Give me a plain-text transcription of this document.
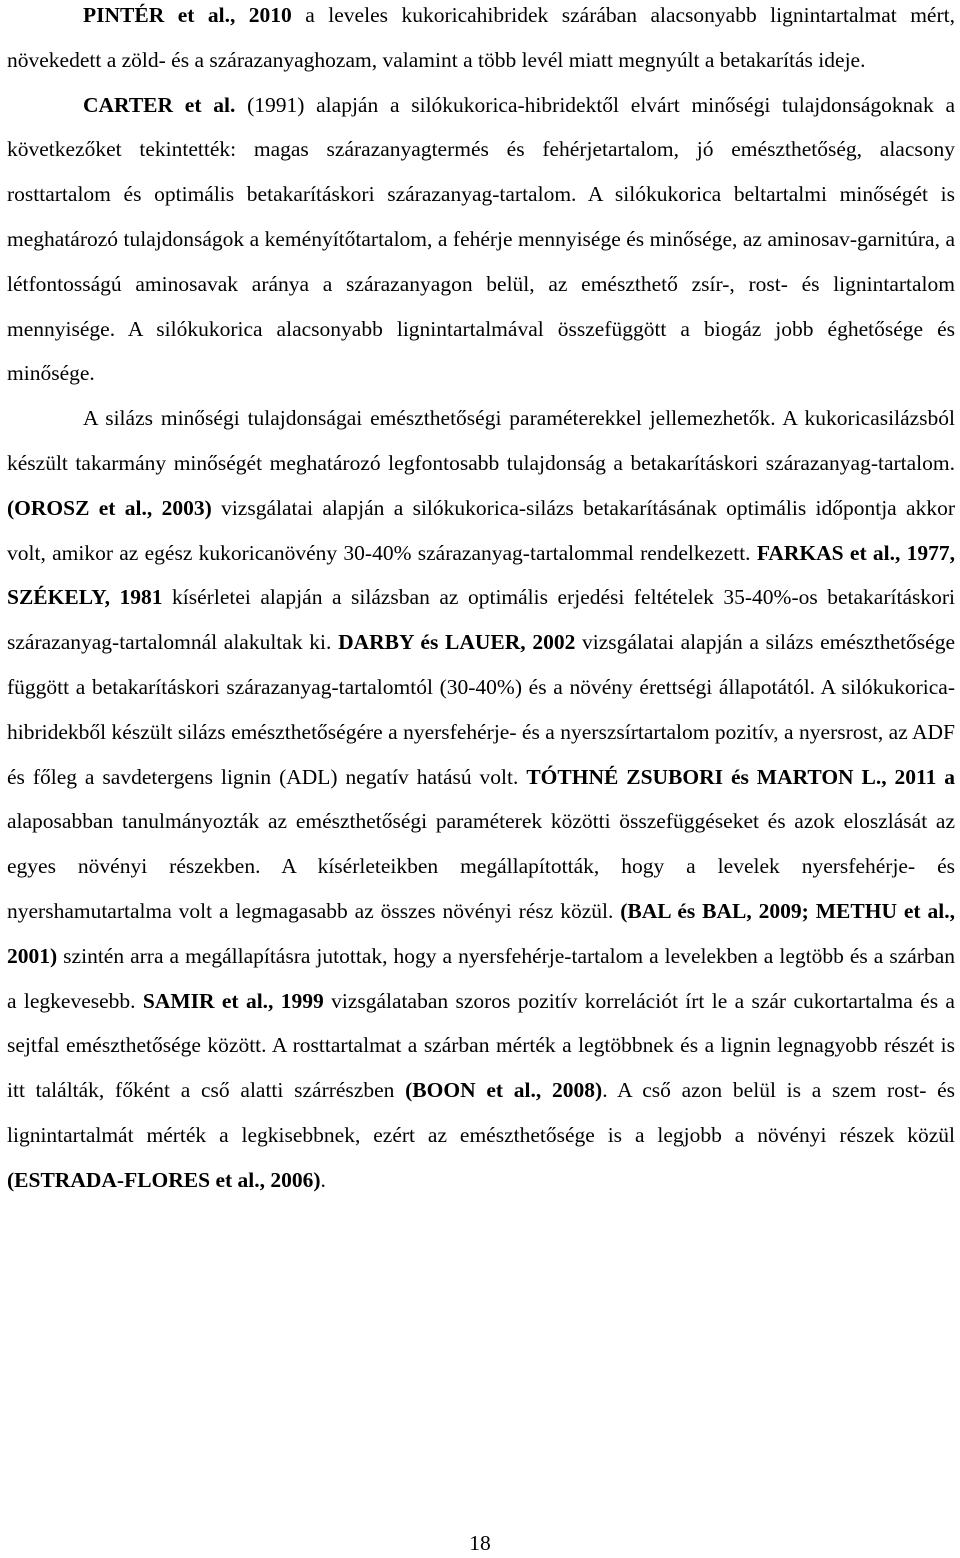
PINTÉR et al., 2010 a leveles kukoricahibridek szárában alacsonyabb lignintartalmat mért, növekedett a zöld- és a szárazanyaghozam, valamint a több levél miatt megnyúlt a betakarítás ideje.

CARTER et al. (1991) alapján a silókukorica-hibridektől elvárt minőségi tulajdonságoknak a következőket tekintették: magas szárazanyagtermés és fehérjetartalom, jó emészthetőség, alacsony rosttartalom és optimális betakarításkori szárazanyag-tartalom. A silókukorica beltartalmi minőségét is meghatározó tulajdonságok a keményítőtartalom, a fehérje mennyisége és minősége, az aminosav-garnitúra, a létfontosságú aminosavak aránya a szárazanyagon belül, az emészthető zsír-, rost- és lignintartalom mennyisége. A silókukorica alacsonyabb lignintartalmával összefüggött a biogáz jobb éghetősége és minősége.

A silázs minőségi tulajdonságai emészthetőségi paraméterekkel jellemezhetők. A kukoricasilázsból készült takarmány minőségét meghatározó legfontosabb tulajdonság a betakarításkori szárazanyag-tartalom. (OROSZ et al., 2003) vizsgálatai alapján a silókukorica-silázs betakarításának optimális időpontja akkor volt, amikor az egész kukoricanövény 30-40% szárazanyag-tartalommal rendelkezett. FARKAS et al., 1977, SZÉKELY, 1981 kísérletei alapján a silázsban az optimális erjedési feltételek 35-40%-os betakarításkori szárazanyag-tartalomnál alakultak ki. DARBY és LAUER, 2002 vizsgálatai alapján a silázs emészthetősége függött a betakarításkori szárazanyag-tartalomtól (30-40%) és a növény érettségi állapotától. A silókukorica-hibridekből készült silázs emészthetőségére a nyersfehérje- és a nyerszsírtartalom pozitív, a nyersrost, az ADF és főleg a savdetergens lignin (ADL) negatív hatású volt. TÓTHNÉ ZSUBORI és MARTON L., 2011 a alaposabban tanulmányozták az emészthetőségi paraméterek közötti összefüggéseket és azok eloszlását az egyes növényi részekben. A kísérleteikben megállapították, hogy a levelek nyersfehérje- és nyershamutartalma volt a legmagasabb az összes növényi rész közül. (BAL és BAL, 2009; METHU et al., 2001) szintén arra a megállapításra jutottak, hogy a nyersfehérje-tartalom a levelekben a legtöbb és a szárban a legkevesebb. SAMIR et al., 1999 vizsgálataban szoros pozitív korrelációt írt le a szár cukortartalma és a sejtfal emészthetősége között. A rosttartalmat a szárban mérték a legtöbbnek és a lignin legnagyobb részét is itt találták, főként a cső alatti szárrészben (BOON et al., 2008). A cső azon belül is a szem rost- és lignintartalmát mérték a legkisebbnek, ezért az emészthetősége is a legjobb a növényi részek közül (ESTRADA-FLORES et al., 2006).

18
